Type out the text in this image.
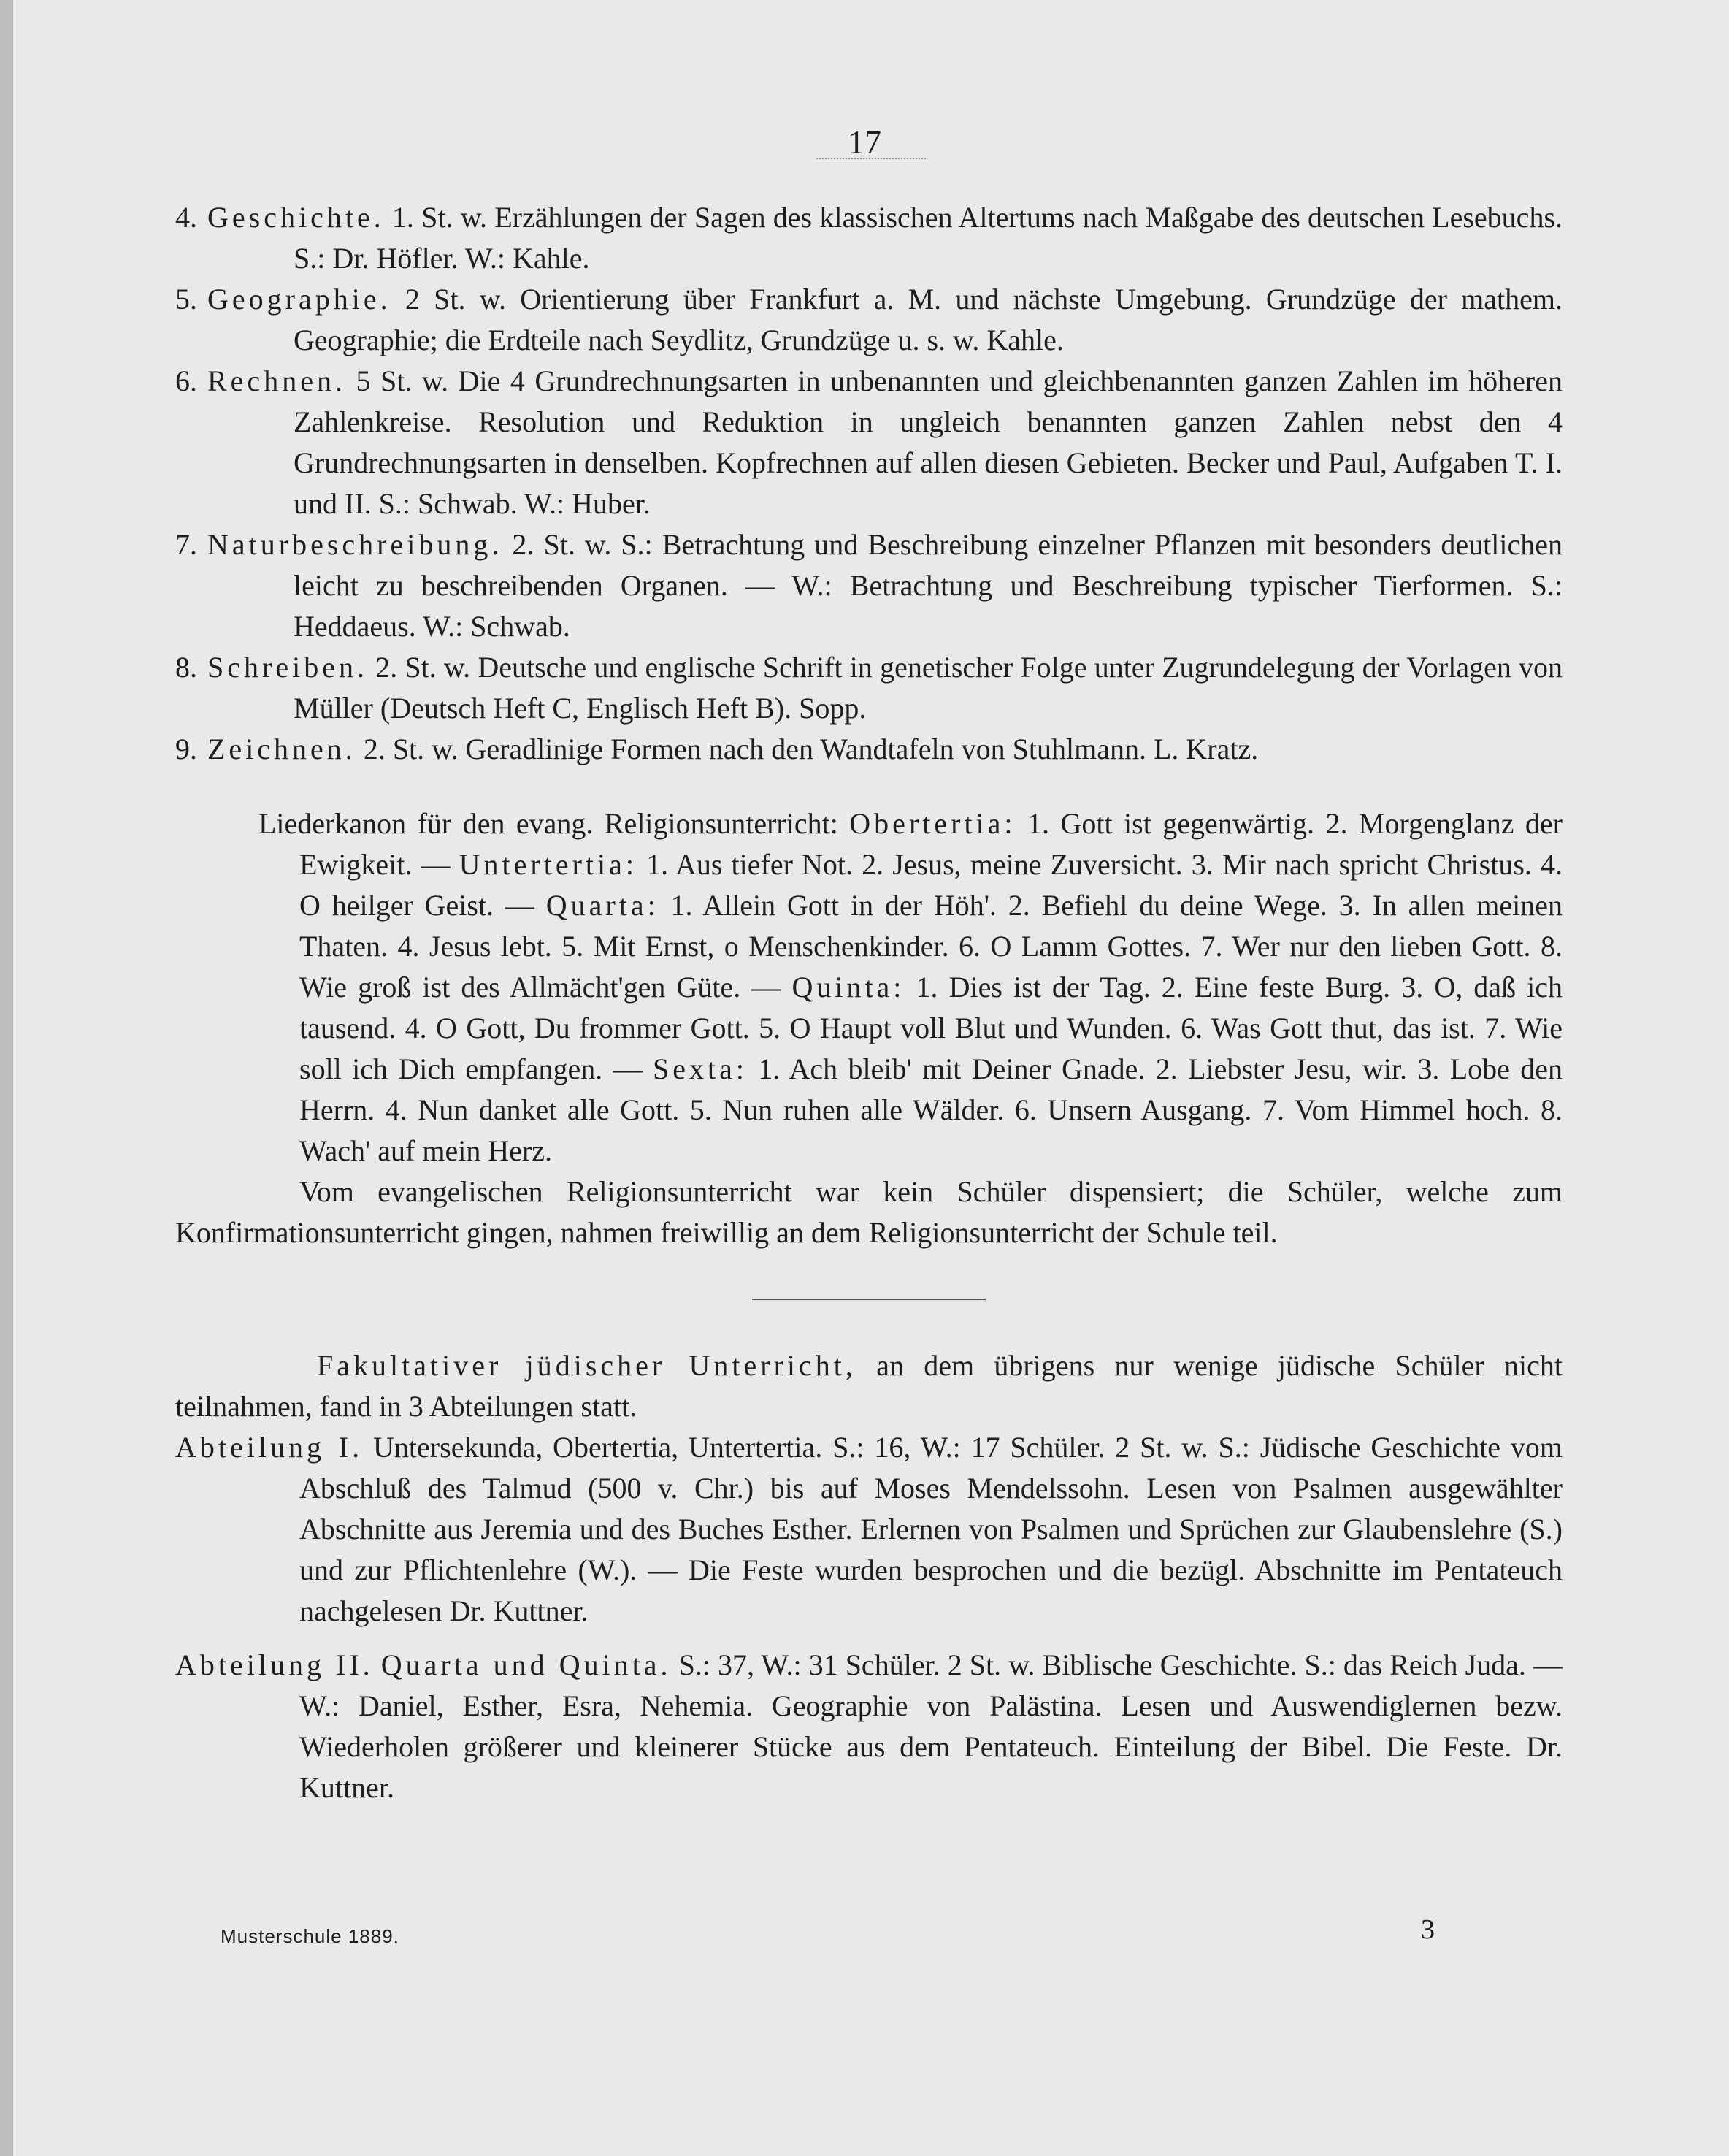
17

4. Geschichte. 1. St. w. Erzählungen der Sagen des klassischen Altertums nach Maßgabe des deutschen Lesebuchs. S.: Dr. Höfler. W.: Kahle.

5. Geographie. 2 St. w. Orientierung über Frankfurt a. M. und nächste Umgebung. Grundzüge der mathem. Geographie; die Erdteile nach Seydlitz, Grundzüge u. s. w. Kahle.

6. Rechnen. 5 St. w. Die 4 Grundrechnungsarten in unbenannten und gleichbenannten ganzen Zahlen im höheren Zahlenkreise. Resolution und Reduktion in ungleich benannten ganzen Zahlen nebst den 4 Grundrechnungsarten in denselben. Kopfrechnen auf allen diesen Gebieten. Becker und Paul, Aufgaben T. I. und II. S.: Schwab. W.: Huber.

7. Naturbeschreibung. 2. St. w. S.: Betrachtung und Beschreibung einzelner Pflanzen mit besonders deutlichen leicht zu beschreibenden Organen. — W.: Betrachtung und Beschreibung typischer Tierformen. S.: Heddaeus. W.: Schwab.

8. Schreiben. 2. St. w. Deutsche und englische Schrift in genetischer Folge unter Zugrundelegung der Vorlagen von Müller (Deutsch Heft C, Englisch Heft B). Sopp.

9. Zeichnen. 2. St. w. Geradlinige Formen nach den Wandtafeln von Stuhlmann. L. Kratz.

Liederkanon für den evang. Religionsunterricht: Obertertia: 1. Gott ist gegenwärtig. 2. Morgenglanz der Ewigkeit. — Untertertia: 1. Aus tiefer Not. 2. Jesus, meine Zuversicht. 3. Mir nach spricht Christus. 4. O heilger Geist. — Quarta: 1. Allein Gott in der Höh'. 2. Befiehl du deine Wege. 3. In allen meinen Thaten. 4. Jesus lebt. 5. Mit Ernst, o Menschenkinder. 6. O Lamm Gottes. 7. Wer nur den lieben Gott. 8. Wie groß ist des Allmächt'gen Güte. — Quinta: 1. Dies ist der Tag. 2. Eine feste Burg. 3. O, daß ich tausend. 4. O Gott, Du frommer Gott. 5. O Haupt voll Blut und Wunden. 6. Was Gott thut, das ist. 7. Wie soll ich Dich empfangen. — Sexta: 1. Ach bleib' mit Deiner Gnade. 2. Liebster Jesu, wir. 3. Lobe den Herrn. 4. Nun danket alle Gott. 5. Nun ruhen alle Wälder. 6. Unsern Ausgang. 7. Vom Himmel hoch. 8. Wach' auf mein Herz.

Vom evangelischen Religionsunterricht war kein Schüler dispensiert; die Schüler, welche zum Konfirmationsunterricht gingen, nahmen freiwillig an dem Religionsunterricht der Schule teil.

Fakultativer jüdischer Unterricht, an dem übrigens nur wenige jüdische Schüler nicht teilnahmen, fand in 3 Abteilungen statt.

Abteilung I. Untersekunda, Obertertia, Untertertia. S.: 16, W.: 17 Schüler. 2 St. w. S.: Jüdische Geschichte vom Abschluß des Talmud (500 v. Chr.) bis auf Moses Mendelssohn. Lesen von Psalmen ausgewählter Abschnitte aus Jeremia und des Buches Esther. Erlernen von Psalmen und Sprüchen zur Glaubenslehre (S.) und zur Pflichtenlehre (W.). — Die Feste wurden besprochen und die bezügl. Abschnitte im Pentateuch nachgelesen Dr. Kuttner.

Abteilung II. Quarta und Quinta. S.: 37, W.: 31 Schüler. 2 St. w. Biblische Geschichte. S.: das Reich Juda. — W.: Daniel, Esther, Esra, Nehemia. Geographie von Palästina. Lesen und Auswendiglernen bezw. Wiederholen größerer und kleinerer Stücke aus dem Pentateuch. Einteilung der Bibel. Die Feste. Dr. Kuttner.

Musterschule 1889.	3
